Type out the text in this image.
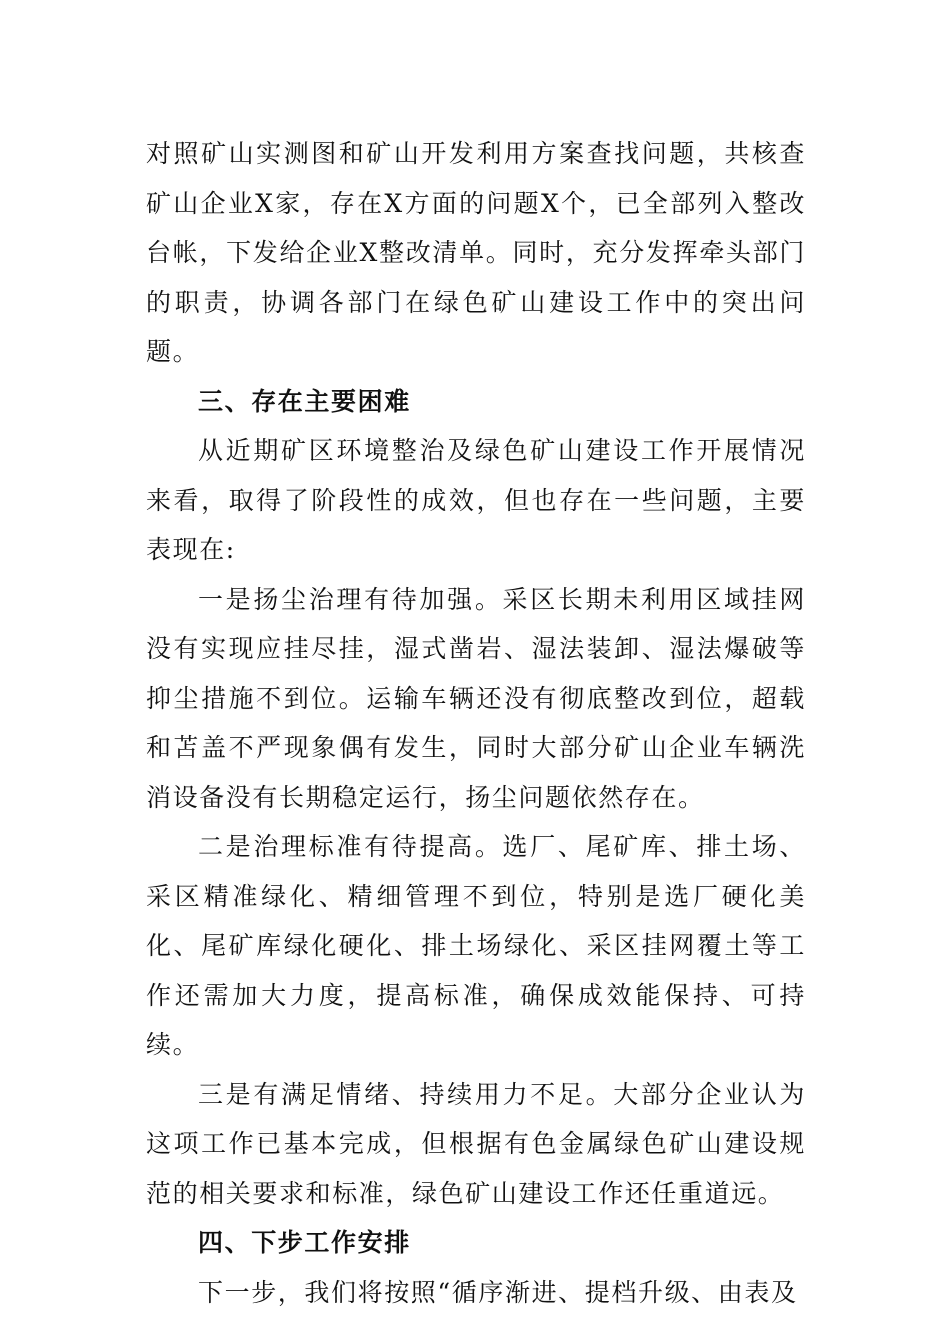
对照矿山实测图和矿山开发利用方案查找问题，共核查矿山企业X家，存在X方面的问题X个，已全部列入整改台帐，下发给企业X整改清单。同时，充分发挥牵头部门的职责，协调各部门在绿色矿山建设工作中的突出问题。

三、存在主要困难

从近期矿区环境整治及绿色矿山建设工作开展情况来看，取得了阶段性的成效，但也存在一些问题，主要表现在:

一是扬尘治理有待加强。采区长期未利用区域挂网没有实现应挂尽挂，湿式凿岩、湿法装卸、湿法爆破等抑尘措施不到位。运输车辆还没有彻底整改到位，超载和苫盖不严现象偶有发生，同时大部分矿山企业车辆洗消设备没有长期稳定运行，扬尘问题依然存在。

二是治理标准有待提高。选厂、尾矿库、排土场、采区精准绿化、精细管理不到位，特别是选厂硬化美化、尾矿库绿化硬化、排土场绿化、采区挂网覆土等工作还需加大力度，提高标准，确保成效能保持、可持续。

三是有满足情绪、持续用力不足。大部分企业认为这项工作已基本完成，但根据有色金属绿色矿山建设规范的相关要求和标准，绿色矿山建设工作还任重道远。

四、下步工作安排

下一步，我们将按照“循序渐进、提档升级、由表及
